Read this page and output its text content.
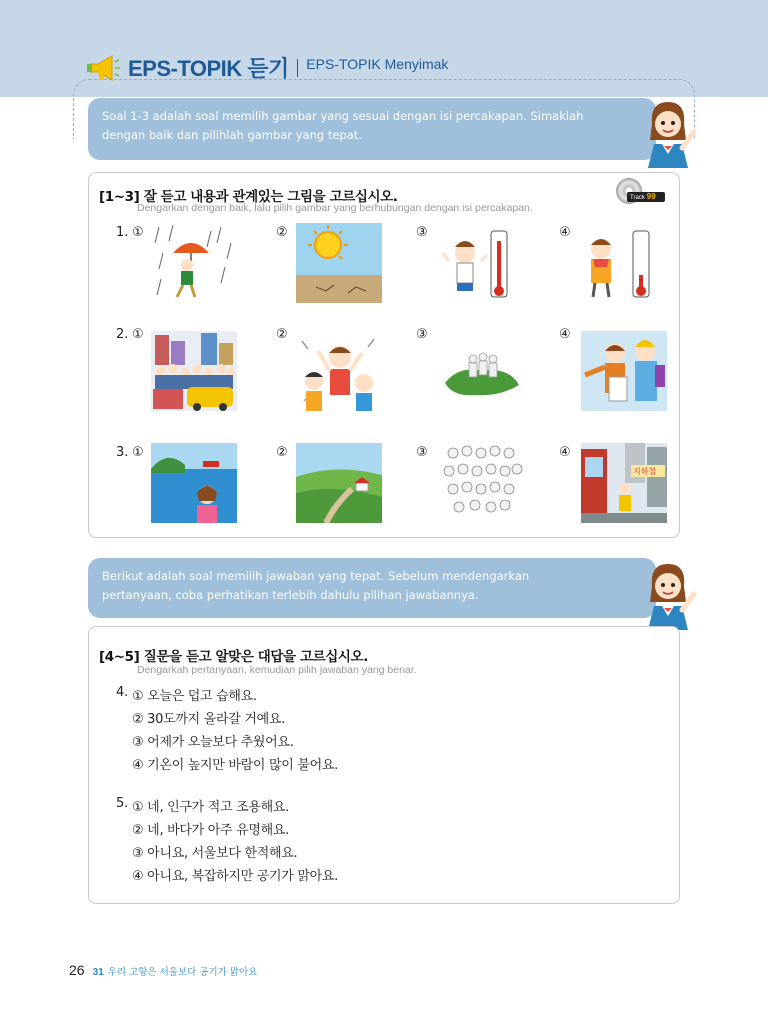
EPS-TOPIK 듣기 EPS-TOPIK Menyimak
Soal 1-3 adalah soal memilih gambar yang sesuai dengan isi percakapan. Simaklah
dengan baik dan pilihlah gambar yang tepat.
[1~3] 잘 듣고 내용과 관계있는 그림을 고르십시오.
Dengarkan dengan baik, lalu pilih gambar yang berhubungan dengan isi percakapan.
Track 99
1. ①	②	③	④
2. ①	②	③	④
3. ①	②	③	④
지하철
Berikut adalah soal memilih jawaban yang tepat. Sebelum mendengarkan
pertanyaan, coba perhatikan terlebih dahulu pilihan jawabannya.
[4~5] 질문을 듣고 알맞은 대답을 고르십시오.
Dengarkah pertanyaan, kemudian pilih jawaban yang benar.
4. ① 오늘은 덥고 습해요.
② 30도까지 올라갈 거예요.
③ 어제가 오늘보다 추웠어요.
④ 기온이 높지만 바람이 많이 불어요.
5. ① 네, 인구가 적고 조용해요.
② 네, 바다가 아주 유명해요.
③ 아니요, 서울보다 한적해요.
④ 아니요, 복잡하지만 공기가 맑아요.
26 31 우리 고향은 서울보다 공기가 맑아요
